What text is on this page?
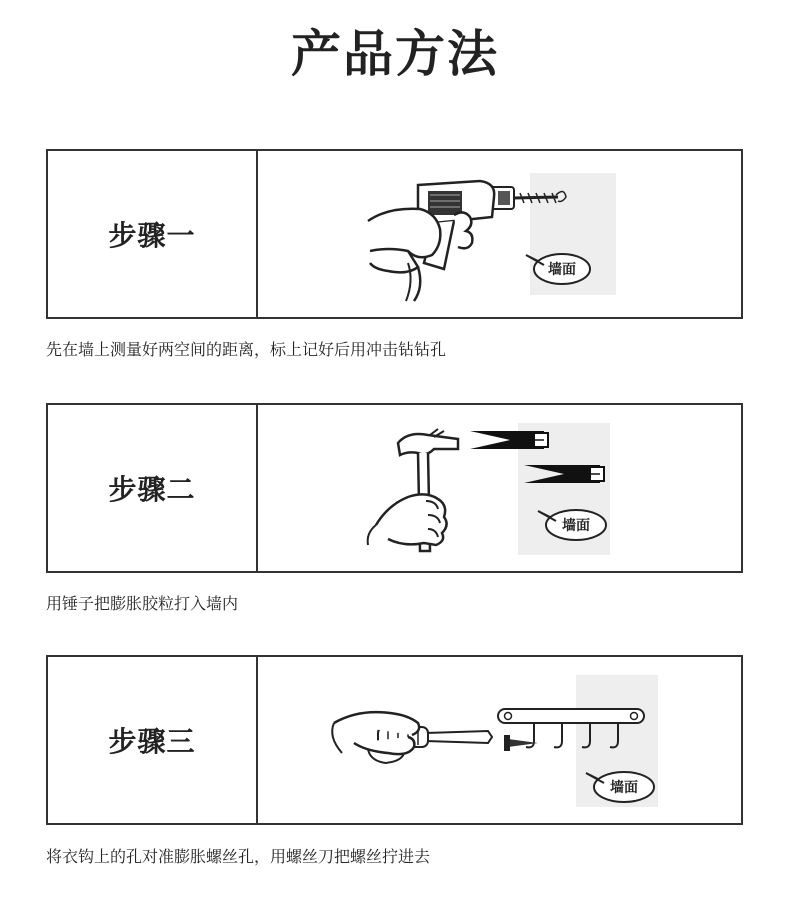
产品方法
步骤一
墙面
先在墙上测量好两空间的距离，标上记好后用冲击钻钻孔
步骤二
墙面
用锤子把膨胀胶粒打入墙内
步骤三
墙面
将衣钩上的孔对准膨胀螺丝孔，用螺丝刀把螺丝拧进去
